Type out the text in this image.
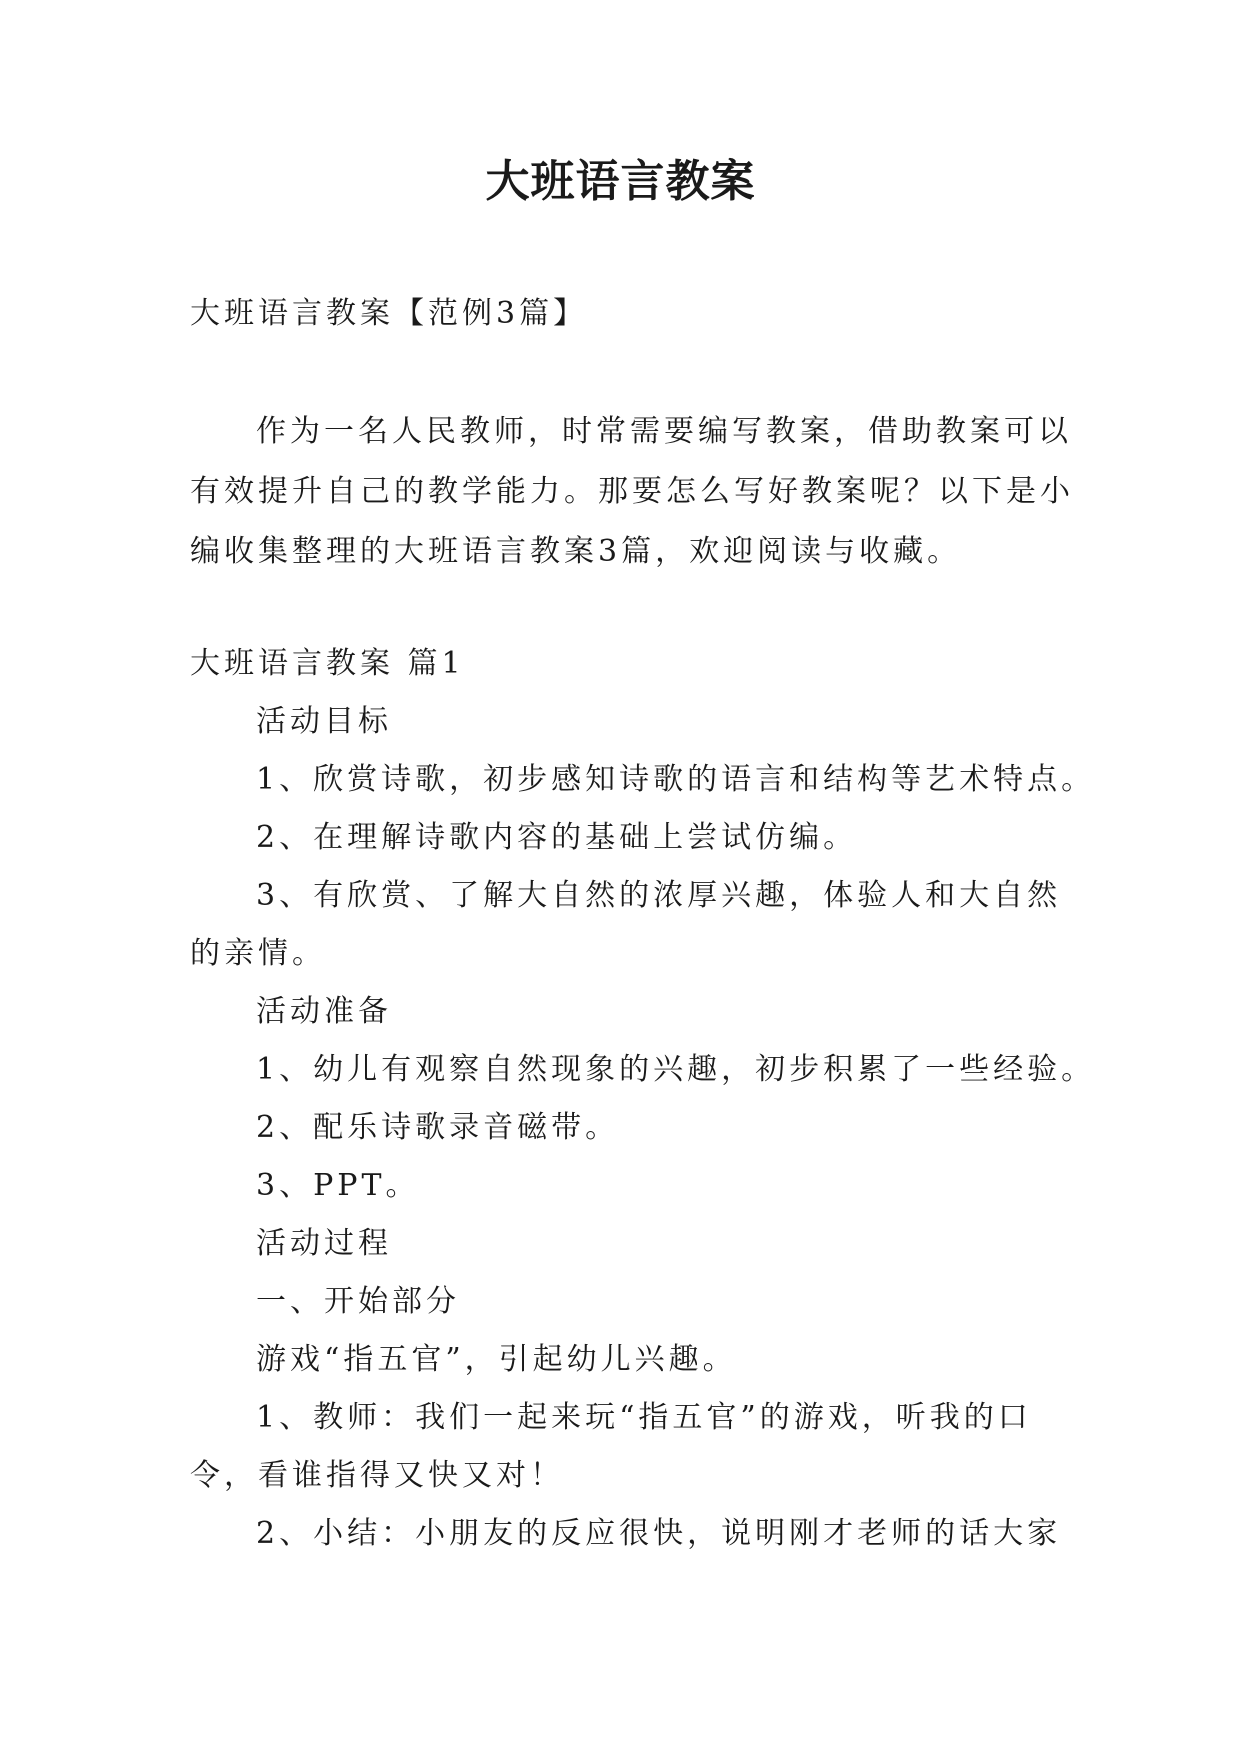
大班语言教案
大班语言教案【范例3篇】
作为一名人民教师，时常需要编写教案，借助教案可以
有效提升自己的教学能力。那要怎么写好教案呢？以下是小
编收集整理的大班语言教案3篇，欢迎阅读与收藏。
大班语言教案 篇1
活动目标
1、欣赏诗歌，初步感知诗歌的语言和结构等艺术特点。
2、在理解诗歌内容的基础上尝试仿编。
3、有欣赏、了解大自然的浓厚兴趣，体验人和大自然
的亲情。
活动准备
1、幼儿有观察自然现象的兴趣，初步积累了一些经验。
2、配乐诗歌录音磁带。
3、PPT。
活动过程
一、开始部分
游戏“指五官”，引起幼儿兴趣。
1、教师：我们一起来玩“指五官”的游戏，听我的口
令，看谁指得又快又对！
2、小结：小朋友的反应很快，说明刚才老师的话大家
